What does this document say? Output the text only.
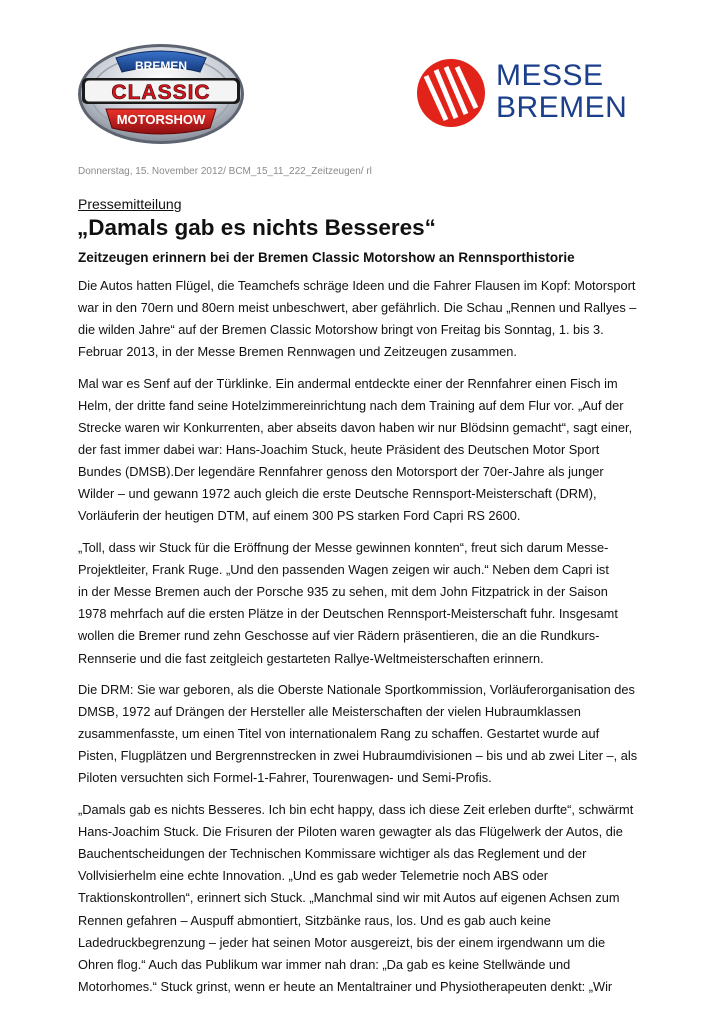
BREMEN
CLASSIC
MOTORSHOW
MESSE
BREMEN
Donnerstag, 15. November 2012/ BCM_15_11_222_Zeitzeugen/ rl
Pressemitteilung
„Damals gab es nichts Besseres“
Zeitzeugen erinnern bei der Bremen Classic Motorshow an Rennsporthistorie

Die Autos hatten Flügel, die Teamchefs schräge Ideen und die Fahrer Flausen im Kopf: Motorsport
war in den 70ern und 80ern meist unbeschwert, aber gefährlich. Die Schau „Rennen und Rallyes –
die wilden Jahre“ auf der Bremen Classic Motorshow bringt von Freitag bis Sonntag, 1. bis 3.
Februar 2013, in der Messe Bremen Rennwagen und Zeitzeugen zusammen.

Mal war es Senf auf der Türklinke. Ein andermal entdeckte einer der Rennfahrer einen Fisch im
Helm, der dritte fand seine Hotelzimmereinrichtung nach dem Training auf dem Flur vor. „Auf der
Strecke waren wir Konkurrenten, aber abseits davon haben wir nur Blödsinn gemacht“, sagt einer,
der fast immer dabei war: Hans-Joachim Stuck, heute Präsident des Deutschen Motor Sport
Bundes (DMSB).Der legendäre Rennfahrer genoss den Motorsport der 70er-Jahre als junger
Wilder – und gewann 1972 auch gleich die erste Deutsche Rennsport-Meisterschaft (DRM),
Vorläuferin der heutigen DTM, auf einem 300 PS starken Ford Capri RS 2600.

„Toll, dass wir Stuck für die Eröffnung der Messe gewinnen konnten“, freut sich darum Messe-
Projektleiter, Frank Ruge. „Und den passenden Wagen zeigen wir auch.“ Neben dem Capri ist
in der Messe Bremen auch der Porsche 935 zu sehen, mit dem John Fitzpatrick in der Saison
1978 mehrfach auf die ersten Plätze in der Deutschen Rennsport-Meisterschaft fuhr. Insgesamt
wollen die Bremer rund zehn Geschosse auf vier Rädern präsentieren, die an die Rundkurs-
Rennserie und die fast zeitgleich gestarteten Rallye-Weltmeisterschaften erinnern.

Die DRM: Sie war geboren, als die Oberste Nationale Sportkommission, Vorläuferorganisation des
DMSB, 1972 auf Drängen der Hersteller alle Meisterschaften der vielen Hubraumklassen
zusammenfasste, um einen Titel von internationalem Rang zu schaffen. Gestartet wurde auf
Pisten, Flugplätzen und Bergrennstrecken in zwei Hubraumdivisionen – bis und ab zwei Liter –, als
Piloten versuchten sich Formel-1-Fahrer, Tourenwagen- und Semi-Profis.

„Damals gab es nichts Besseres. Ich bin echt happy, dass ich diese Zeit erleben durfte“, schwärmt
Hans-Joachim Stuck. Die Frisuren der Piloten waren gewagter als das Flügelwerk der Autos, die
Bauchentscheidungen der Technischen Kommissare wichtiger als das Reglement und der
Vollvisierhelm eine echte Innovation. „Und es gab weder Telemetrie noch ABS oder
Traktionskontrollen“, erinnert sich Stuck. „Manchmal sind wir mit Autos auf eigenen Achsen zum
Rennen gefahren – Auspuff abmontiert, Sitzbänke raus, los. Und es gab auch keine
Ladedruckbegrenzung – jeder hat seinen Motor ausgereizt, bis der einem irgendwann um die
Ohren flog.“ Auch das Publikum war immer nah dran: „Da gab es keine Stellwände und
Motorhomes.“ Stuck grinst, wenn er heute an Mentaltrainer und Physiotherapeuten denkt: „Wir
